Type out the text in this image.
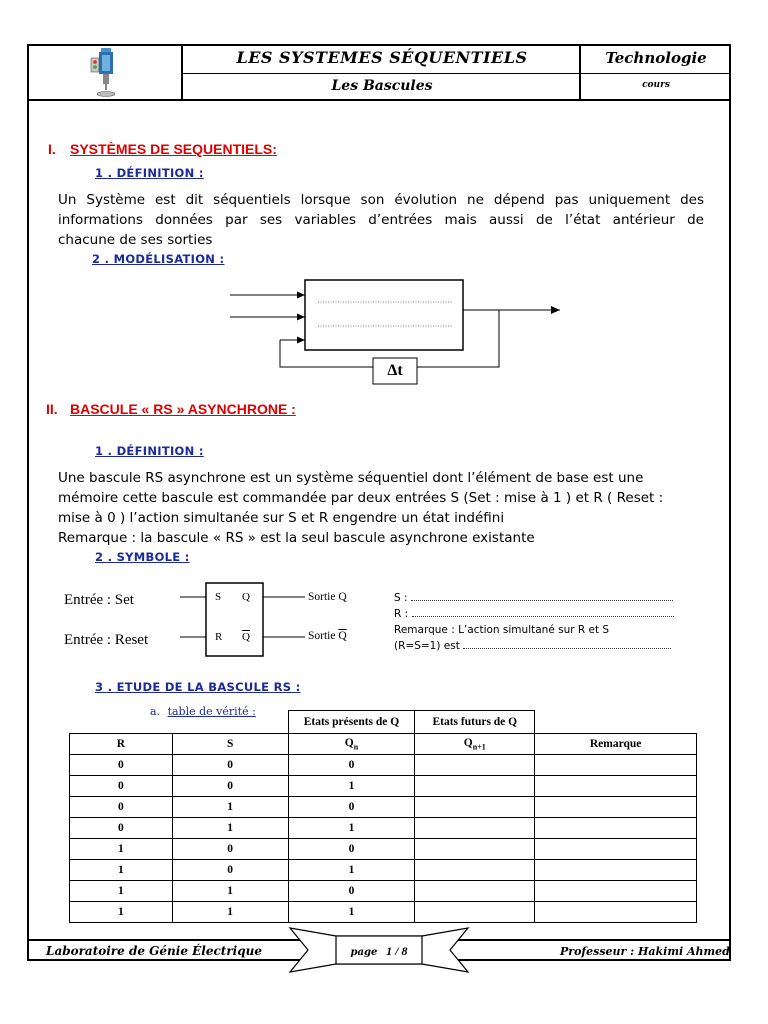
LES SYSTEMES SÉQUENTIELS
Les Bascules
Technologie
cours
I. SYSTÈMES DE SEQUENTIELS:
1 . DÉFINITION :
Un Système est dit séquentiels lorsque son évolution ne dépend pas uniquement des
informations données par ses variables d’entrées mais aussi de l’état antérieur de
chacune de ses sorties
2 . MODÉLISATION :
Δt
II. BASCULE « RS » ASYNCHRONE :
1 . DÉFINITION :
Une bascule RS asynchrone est un système séquentiel dont l’élément de base est une
mémoire cette bascule est commandée par deux entrées S (Set : mise à 1 ) et R ( Reset :
mise à 0 ) l’action simultanée sur S et R engendre un état indéfini
Remarque : la bascule « RS » est la seul bascule asynchrone existante
2 . SYMBOLE :
Entrée : Set
Entrée : Reset
S Q
R $\overline{Q}$
Sortie Q
Sortie $\overline{Q}$
S :
R :
Remarque : L’action simultané sur R et S
(R=S=1) est
3 . ETUDE DE LA BASCULE RS :
a. table de vérité :
		Etats présents de Q	Etats futurs de Q	
R	S	$Q_n$	$Q_{n+1}$	Remarque
0	0	0		
0	0	1		
0	1	0		
0	1	1		
1	0	0		
1	0	1		
1	1	0		
1	1	1		
Laboratoire de Génie Électrique	page 1 / 8	Professeur : Hakimi Ahmed
